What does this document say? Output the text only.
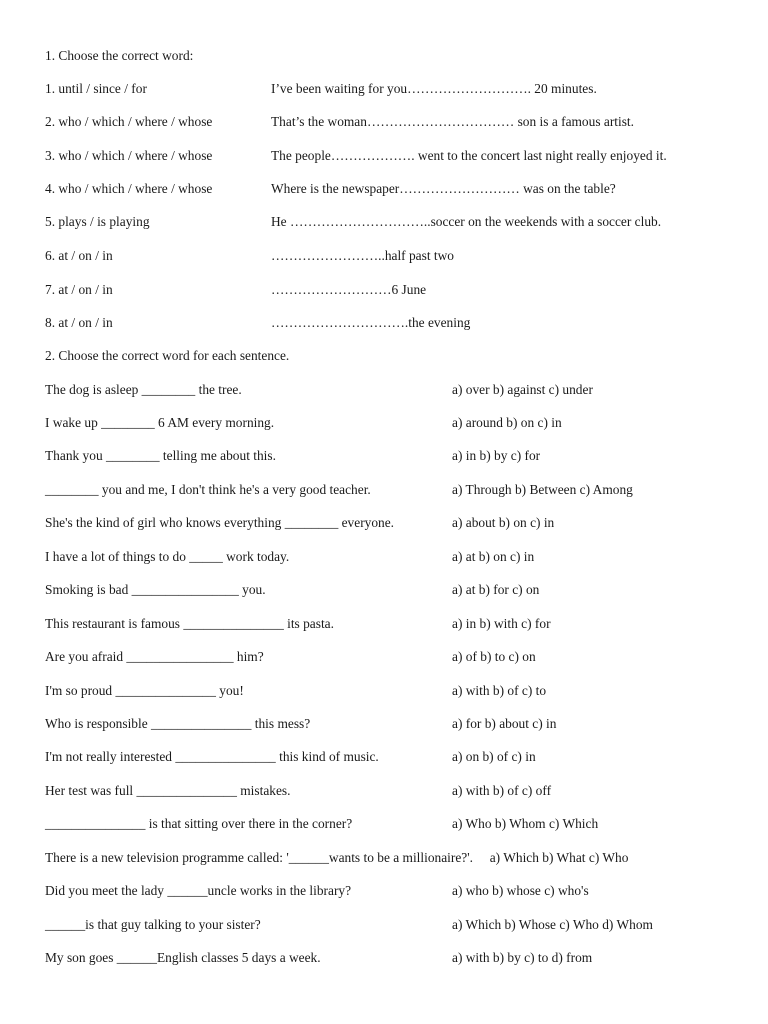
1. Choose the correct word:
1. until / since / for	I’ve been waiting for you………………………. 20 minutes.
2. who / which / where / whose	That’s the woman…………………………… son is a famous artist.
3. who / which / where / whose	The people………………. went to the concert last night really enjoyed it.
4. who / which / where / whose	Where is the newspaper……………………… was on the table?
5. plays / is playing	He …………………………..soccer on the weekends with a soccer club.
6. at / on / in	……………………..half past two
7. at / on / in	………………………6 June
8. at / on / in	………………………….the evening
2. Choose the correct word for each sentence.
The dog is asleep ________ the tree.	a) over b) against c) under
I wake up ________ 6 AM every morning.	a) around b) on c) in
Thank you ________ telling me about this.	a) in b) by c) for
________ you and me, I don't think he's a very good teacher.	a) Through b) Between c) Among
She's the kind of girl who knows everything ________ everyone.	a) about b) on c) in
I have a lot of things to do _____ work today.	a) at b) on c) in
Smoking is bad ________________ you.	a) at b) for c) on
This restaurant is famous _______________ its pasta.	a) in b) with c) for
Are you afraid ________________ him?	a) of b) to c) on
I'm so proud _______________ you!	a) with b) of c) to
Who is responsible _______________ this mess?	a) for b) about c) in
I'm not really interested _______________ this kind of music.	a) on b) of c) in
Her test was full _______________ mistakes.	a) with b) of c) off
_______________ is that sitting over there in the corner?	a) Who b) Whom c) Which
There is a new television programme called: '______wants to be a millionaire?'.     a) Which b) What c) Who
Did you meet the lady ______uncle works in the library?	a) who b) whose c) who's
______is that guy talking to your sister?	a) Which b) Whose c) Who d) Whom
My son goes ______English classes 5 days a week.	a) with b) by c) to d) from
